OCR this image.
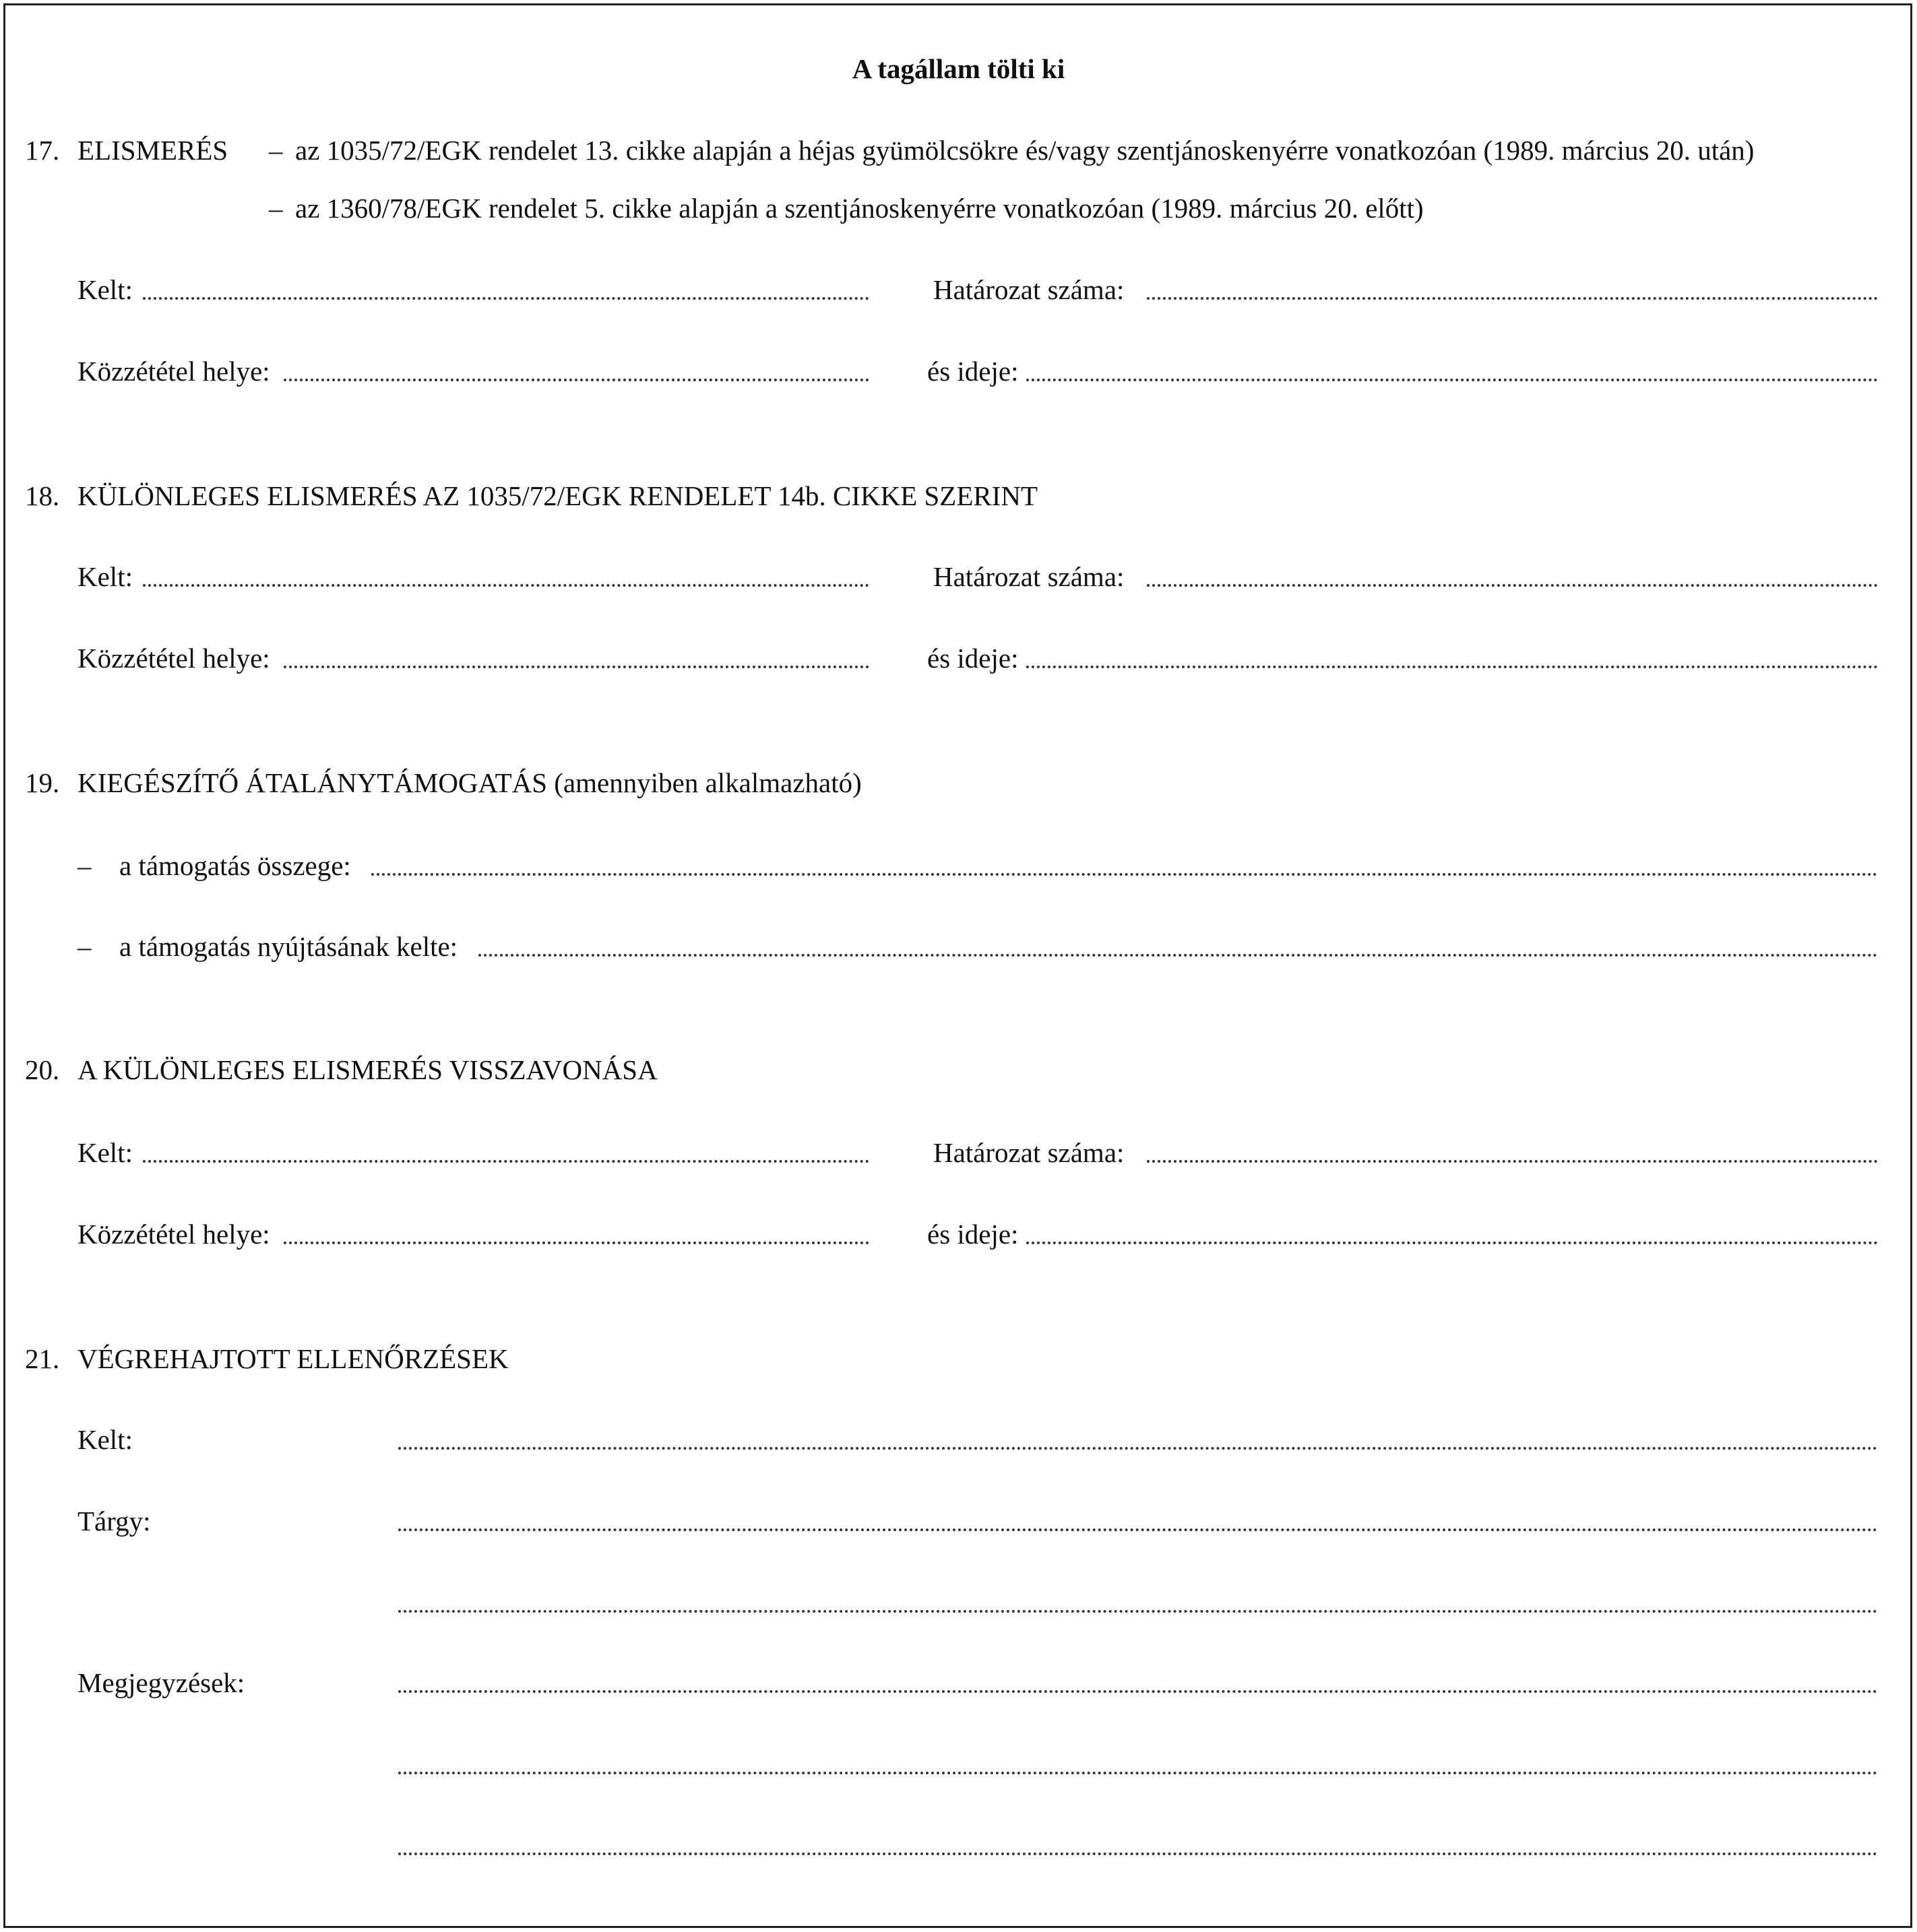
A tagállam tölti ki
17. ELISMERÉS – az 1035/72/EGK rendelet 13. cikke alapján a héjas gyümölcsökre és/vagy szentjánoskenyérre vonatkozóan (1989. március 20. után)
– az 1360/78/EGK rendelet 5. cikke alapján a szentjánoskenyérre vonatkozóan (1989. március 20. előtt)
Kelt:	Határozat száma:
Közzététel helye:	és ideje:
18. KÜLÖNLEGES ELISMERÉS AZ 1035/72/EGK RENDELET 14b. CIKKE SZERINT
Kelt:	Határozat száma:
Közzététel helye:	és ideje:
19. KIEGÉSZÍTŐ ÁTALÁNYTÁMOGATÁS (amennyiben alkalmazható)
– a támogatás összege:
– a támogatás nyújtásának kelte:
20. A KÜLÖNLEGES ELISMERÉS VISSZAVONÁSA
Kelt:	Határozat száma:
Közzététel helye:	és ideje:
21. VÉGREHAJTOTT ELLENŐRZÉSEK
Kelt:
Tárgy:
Megjegyzések:
